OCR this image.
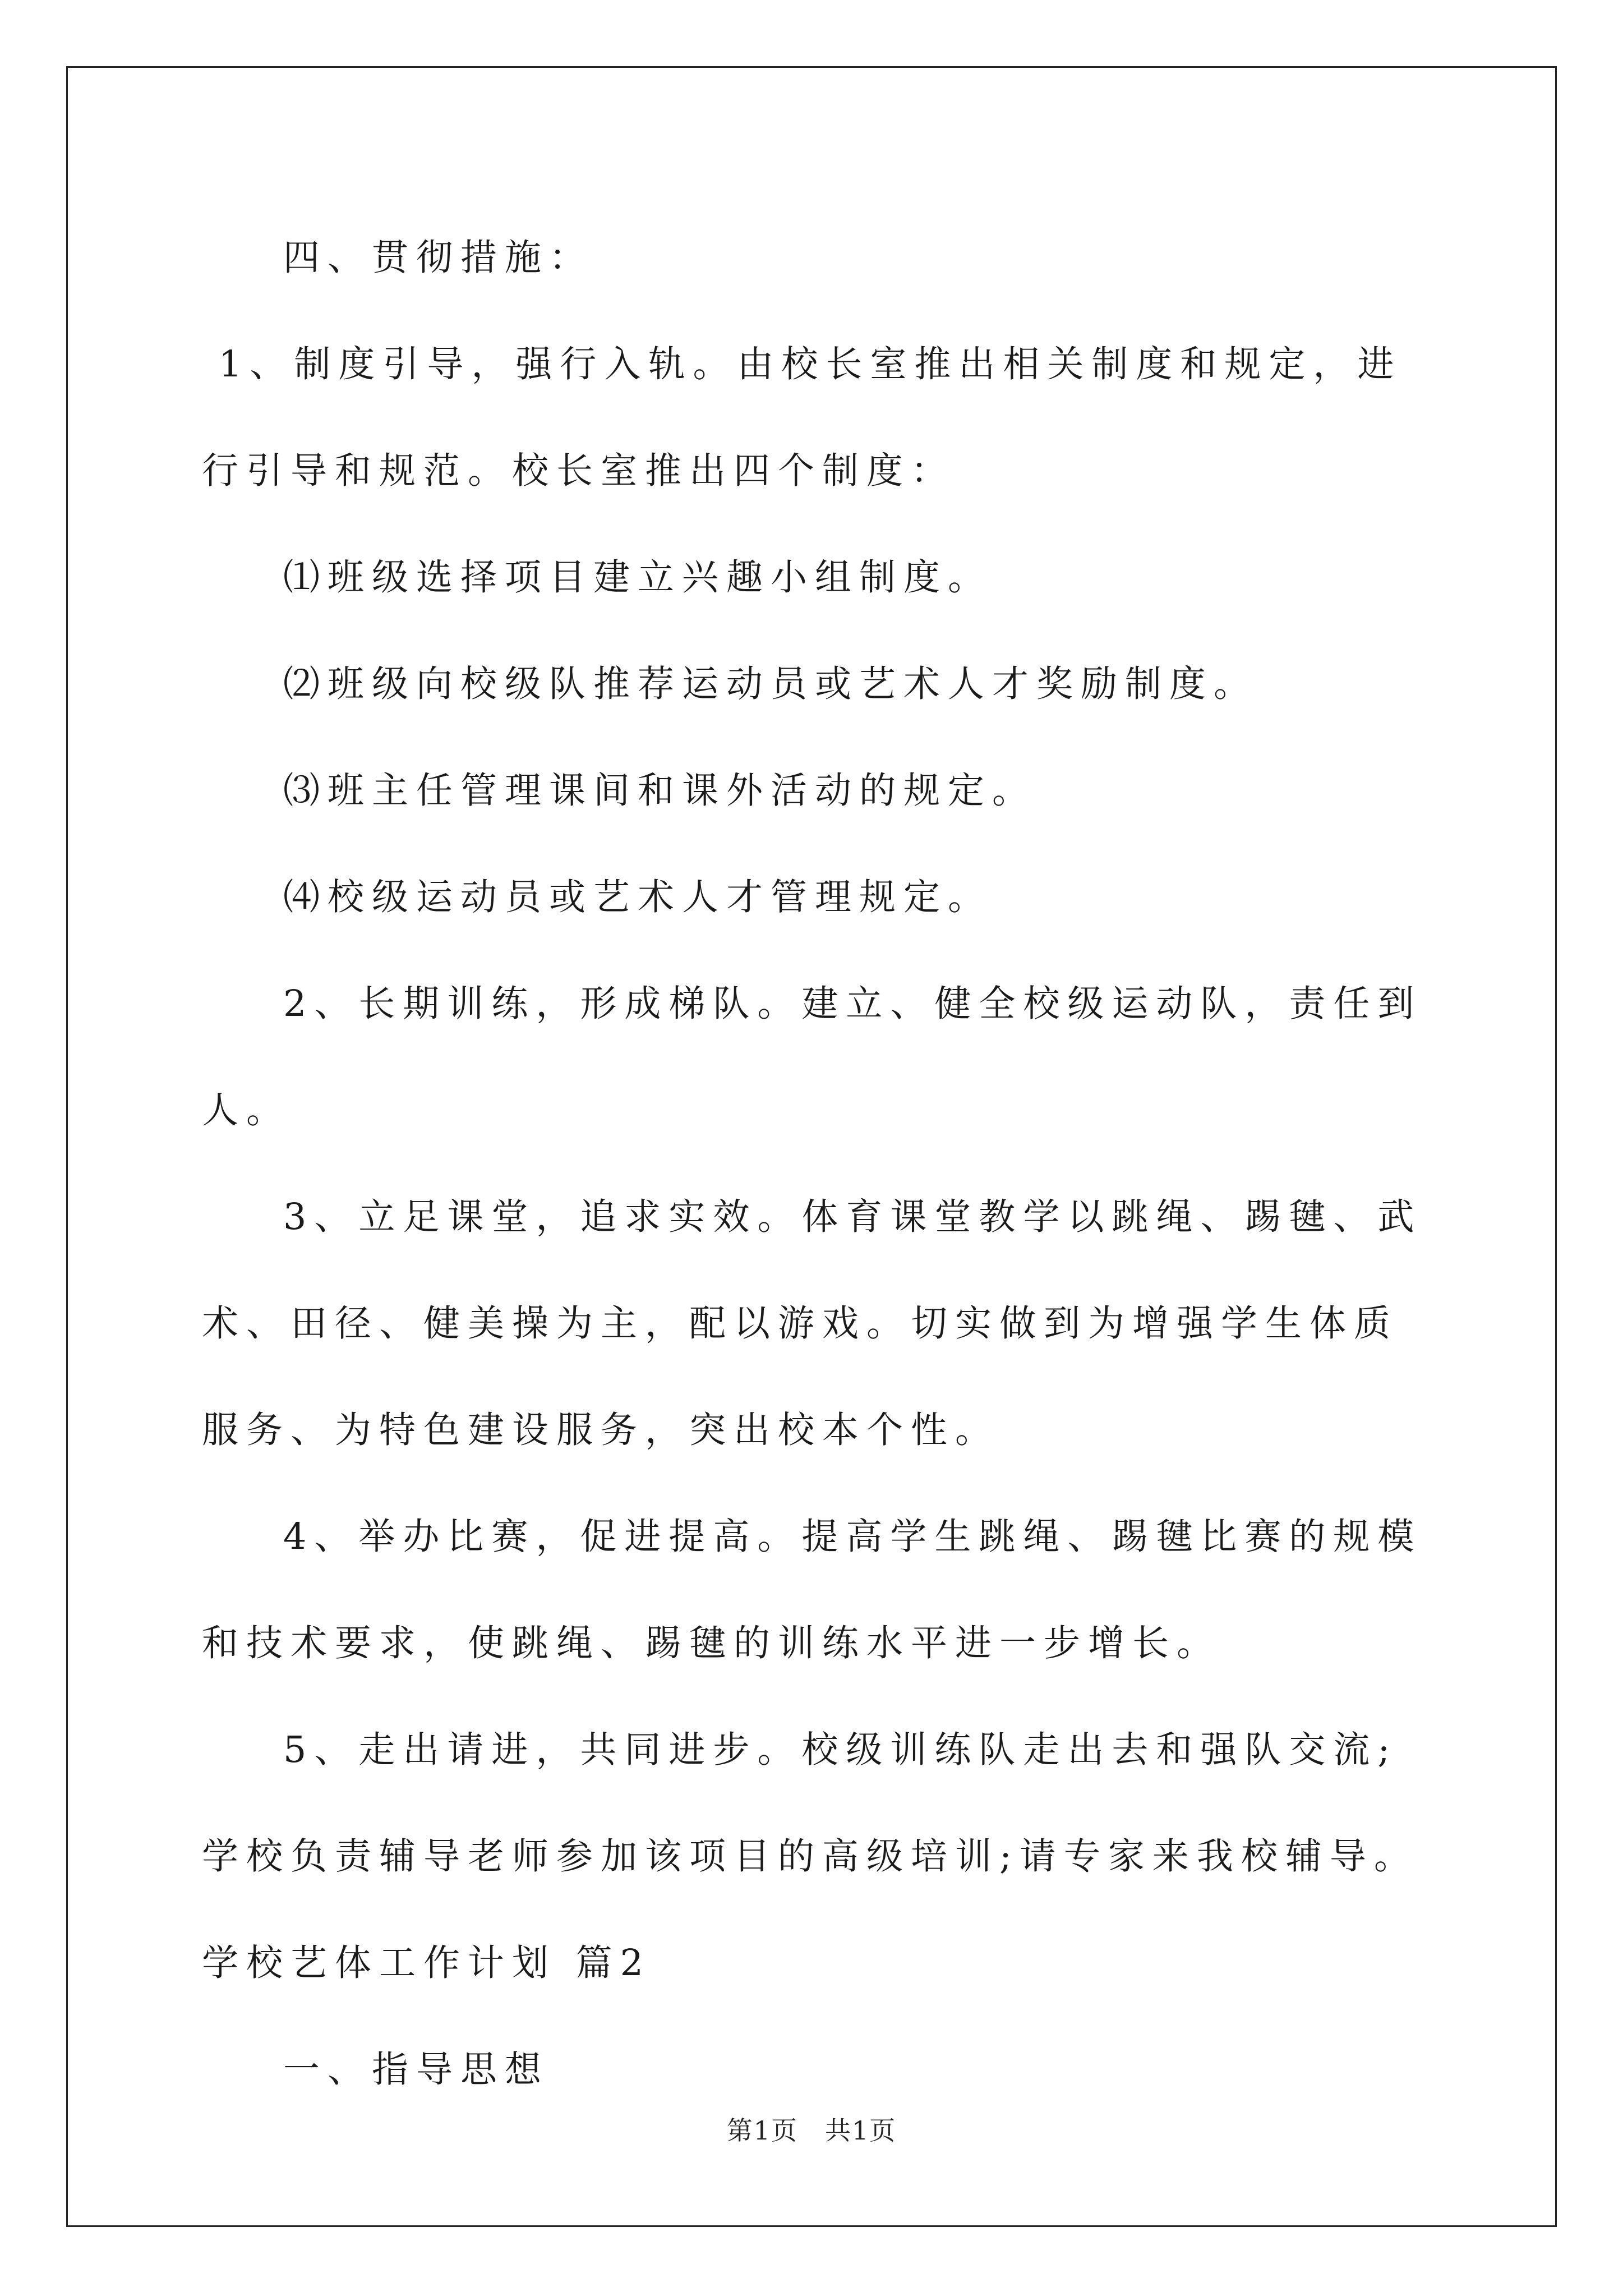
四、贯彻措施：

1、制度引导，强行入轨。由校长室推出相关制度和规定，进行引导和规范。校长室推出四个制度：

⑴班级选择项目建立兴趣小组制度。

⑵班级向校级队推荐运动员或艺术人才奖励制度。

⑶班主任管理课间和课外活动的规定。

⑷校级运动员或艺术人才管理规定。

2、长期训练，形成梯队。建立、健全校级运动队，责任到人。

3、立足课堂，追求实效。体育课堂教学以跳绳、踢毽、武术、田径、健美操为主，配以游戏。切实做到为增强学生体质服务、为特色建设服务，突出校本个性。

4、举办比赛，促进提高。提高学生跳绳、踢毽比赛的规模和技术要求，使跳绳、踢毽的训练水平进一步增长。

5、走出请进，共同进步。校级训练队走出去和强队交流;学校负责辅导老师参加该项目的高级培训;请专家来我校辅导。

学校艺体工作计划 篇2

一、指导思想

第1页　共1页
